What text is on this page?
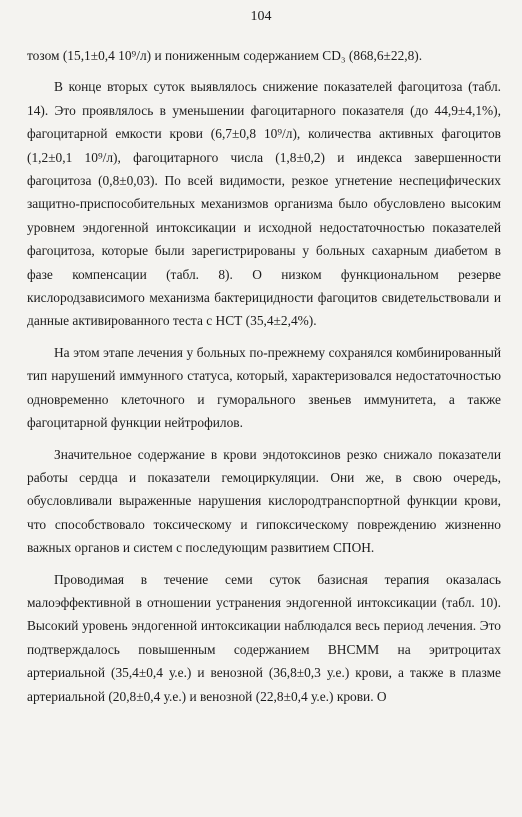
104

тозом (15,1±0,4 10⁹/л) и пониженным содержанием CD₃ (868,6±22,8).

В конце вторых суток выявлялось снижение показателей фагоцитоза (табл. 14). Это проявлялось в уменьшении фагоцитарного показателя (до 44,9±4,1%), фагоцитарной емкости крови (6,7±0,8 10⁹/л), количества активных фагоцитов (1,2±0,1 10⁹/л), фагоцитарного числа (1,8±0,2) и индекса завершенности фагоцитоза (0,8±0,03). По всей видимости, резкое угнетение неспецифических защитно-приспособительных механизмов организма было обусловлено высоким уровнем эндогенной интоксикации и исходной недостаточностью показателей фагоцитоза, которые были зарегистрированы у больных сахарным диабетом в фазе компенсации (табл. 8). О низком функциональном резерве кислородзависимого механизма бактерицидности фагоцитов свидетельствовали и данные активированного теста с НСТ (35,4±2,4%).

На этом этапе лечения у больных по-прежнему сохранялся комбинированный тип нарушений иммунного статуса, который, характеризовался недостаточностью одновременно клеточного и гуморального звеньев иммунитета, а также фагоцитарной функции нейтрофилов.

Значительное содержание в крови эндотоксинов резко снижало показатели работы сердца и показатели гемоциркуляции. Они же, в свою очередь, обусловливали выраженные нарушения кислородтранспортной функции крови, что способствовало токсическому и гипоксическому повреждению жизненно важных органов и систем с последующим развитием СПОН.

Проводимая в течение семи суток базисная терапия оказалась малоэффективной в отношении устранения эндогенной интоксикации (табл. 10). Высокий уровень эндогенной интоксикации наблюдался весь период лечения. Это подтверждалось повышенным содержанием ВНСММ на эритроцитах артериальной (35,4±0,4 у.е.) и венозной (36,8±0,3 у.е.) крови, а также в плазме артериальной (20,8±0,4 у.е.) и венозной (22,8±0,4 у.е.) крови. О
